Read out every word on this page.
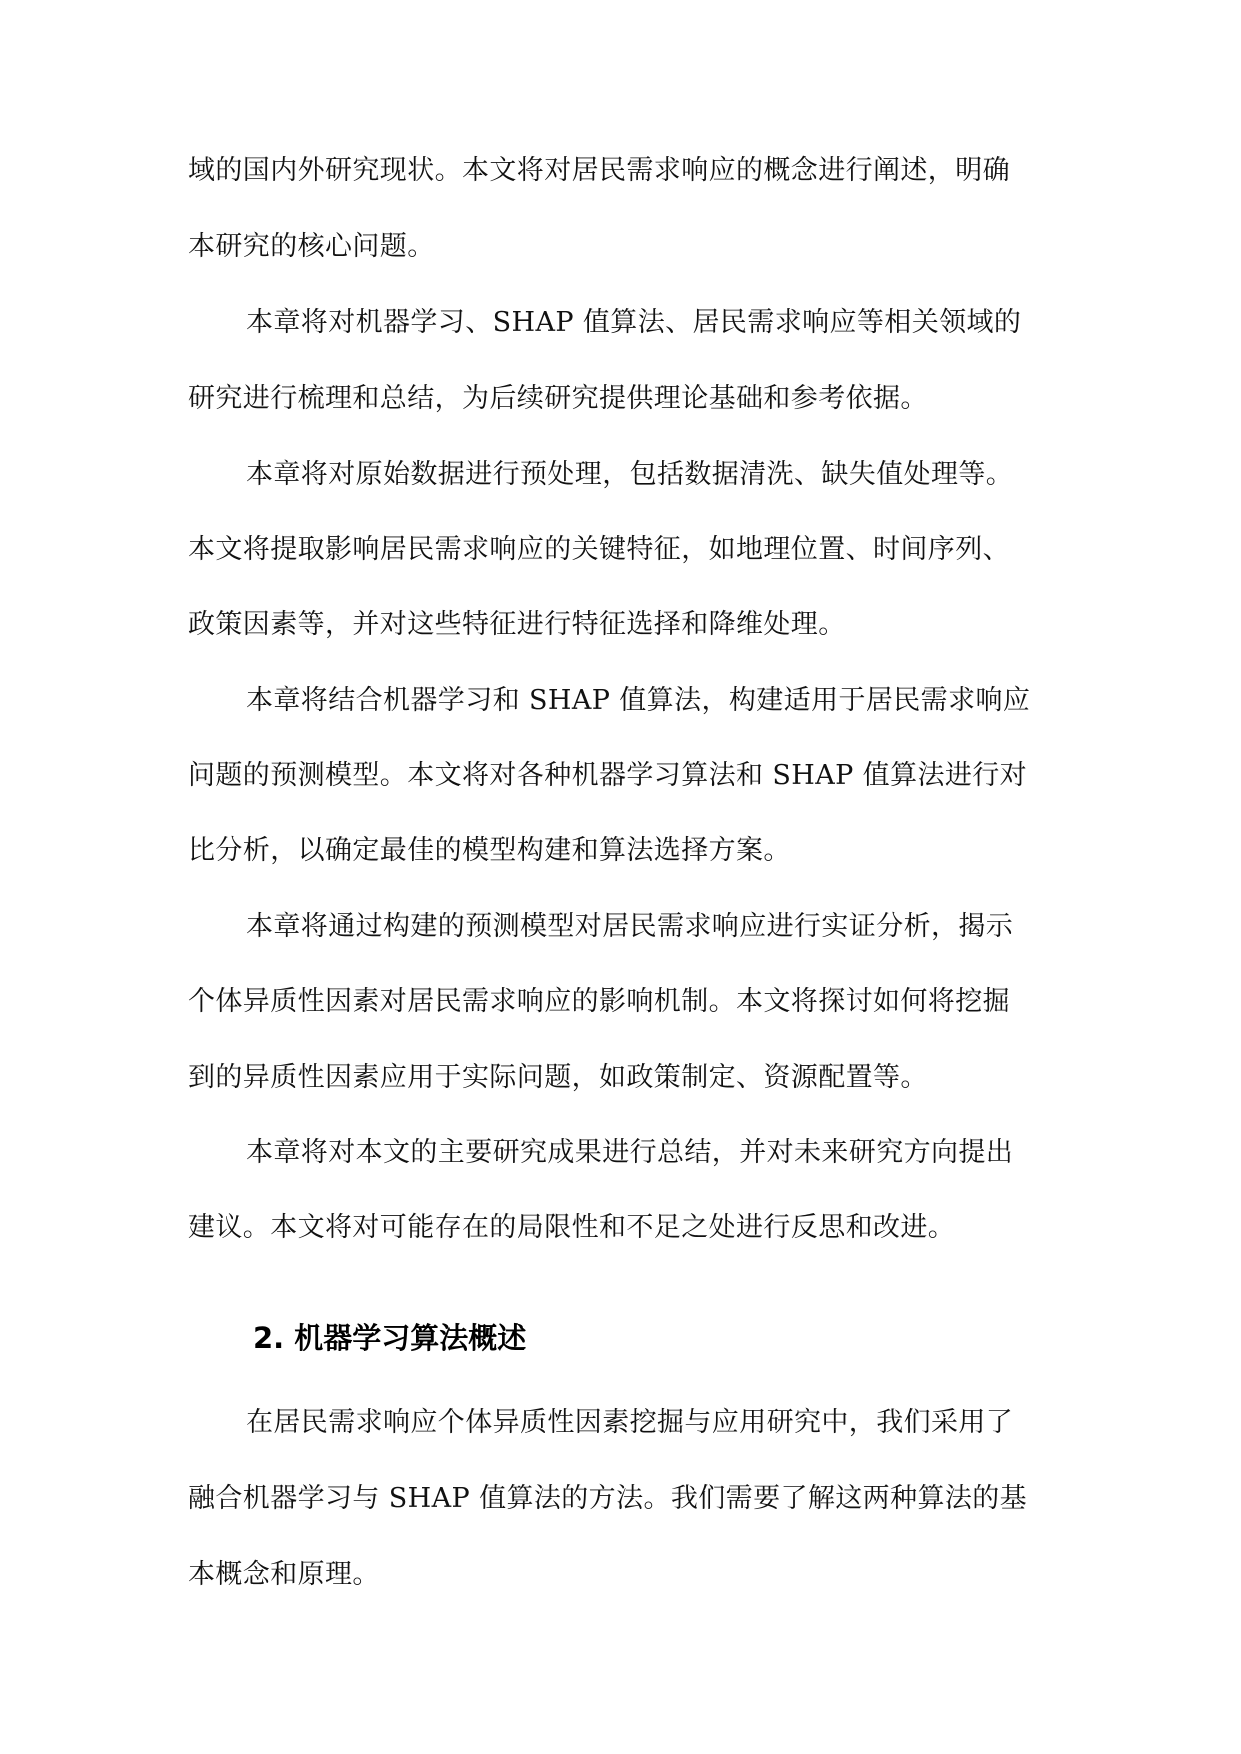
域的国内外研究现状。本文将对居民需求响应的概念进行阐述，明确
本研究的核心问题。
本章将对机器学习、SHAP 值算法、居民需求响应等相关领域的
研究进行梳理和总结，为后续研究提供理论基础和参考依据。
本章将对原始数据进行预处理，包括数据清洗、缺失值处理等。
本文将提取影响居民需求响应的关键特征，如地理位置、时间序列、
政策因素等，并对这些特征进行特征选择和降维处理。
本章将结合机器学习和 SHAP 值算法，构建适用于居民需求响应
问题的预测模型。本文将对各种机器学习算法和 SHAP 值算法进行对
比分析，以确定最佳的模型构建和算法选择方案。
本章将通过构建的预测模型对居民需求响应进行实证分析，揭示
个体异质性因素对居民需求响应的影响机制。本文将探讨如何将挖掘
到的异质性因素应用于实际问题，如政策制定、资源配置等。
本章将对本文的主要研究成果进行总结，并对未来研究方向提出
建议。本文将对可能存在的局限性和不足之处进行反思和改进。
2. 机器学习算法概述
在居民需求响应个体异质性因素挖掘与应用研究中，我们采用了
融合机器学习与 SHAP 值算法的方法。我们需要了解这两种算法的基
本概念和原理。
